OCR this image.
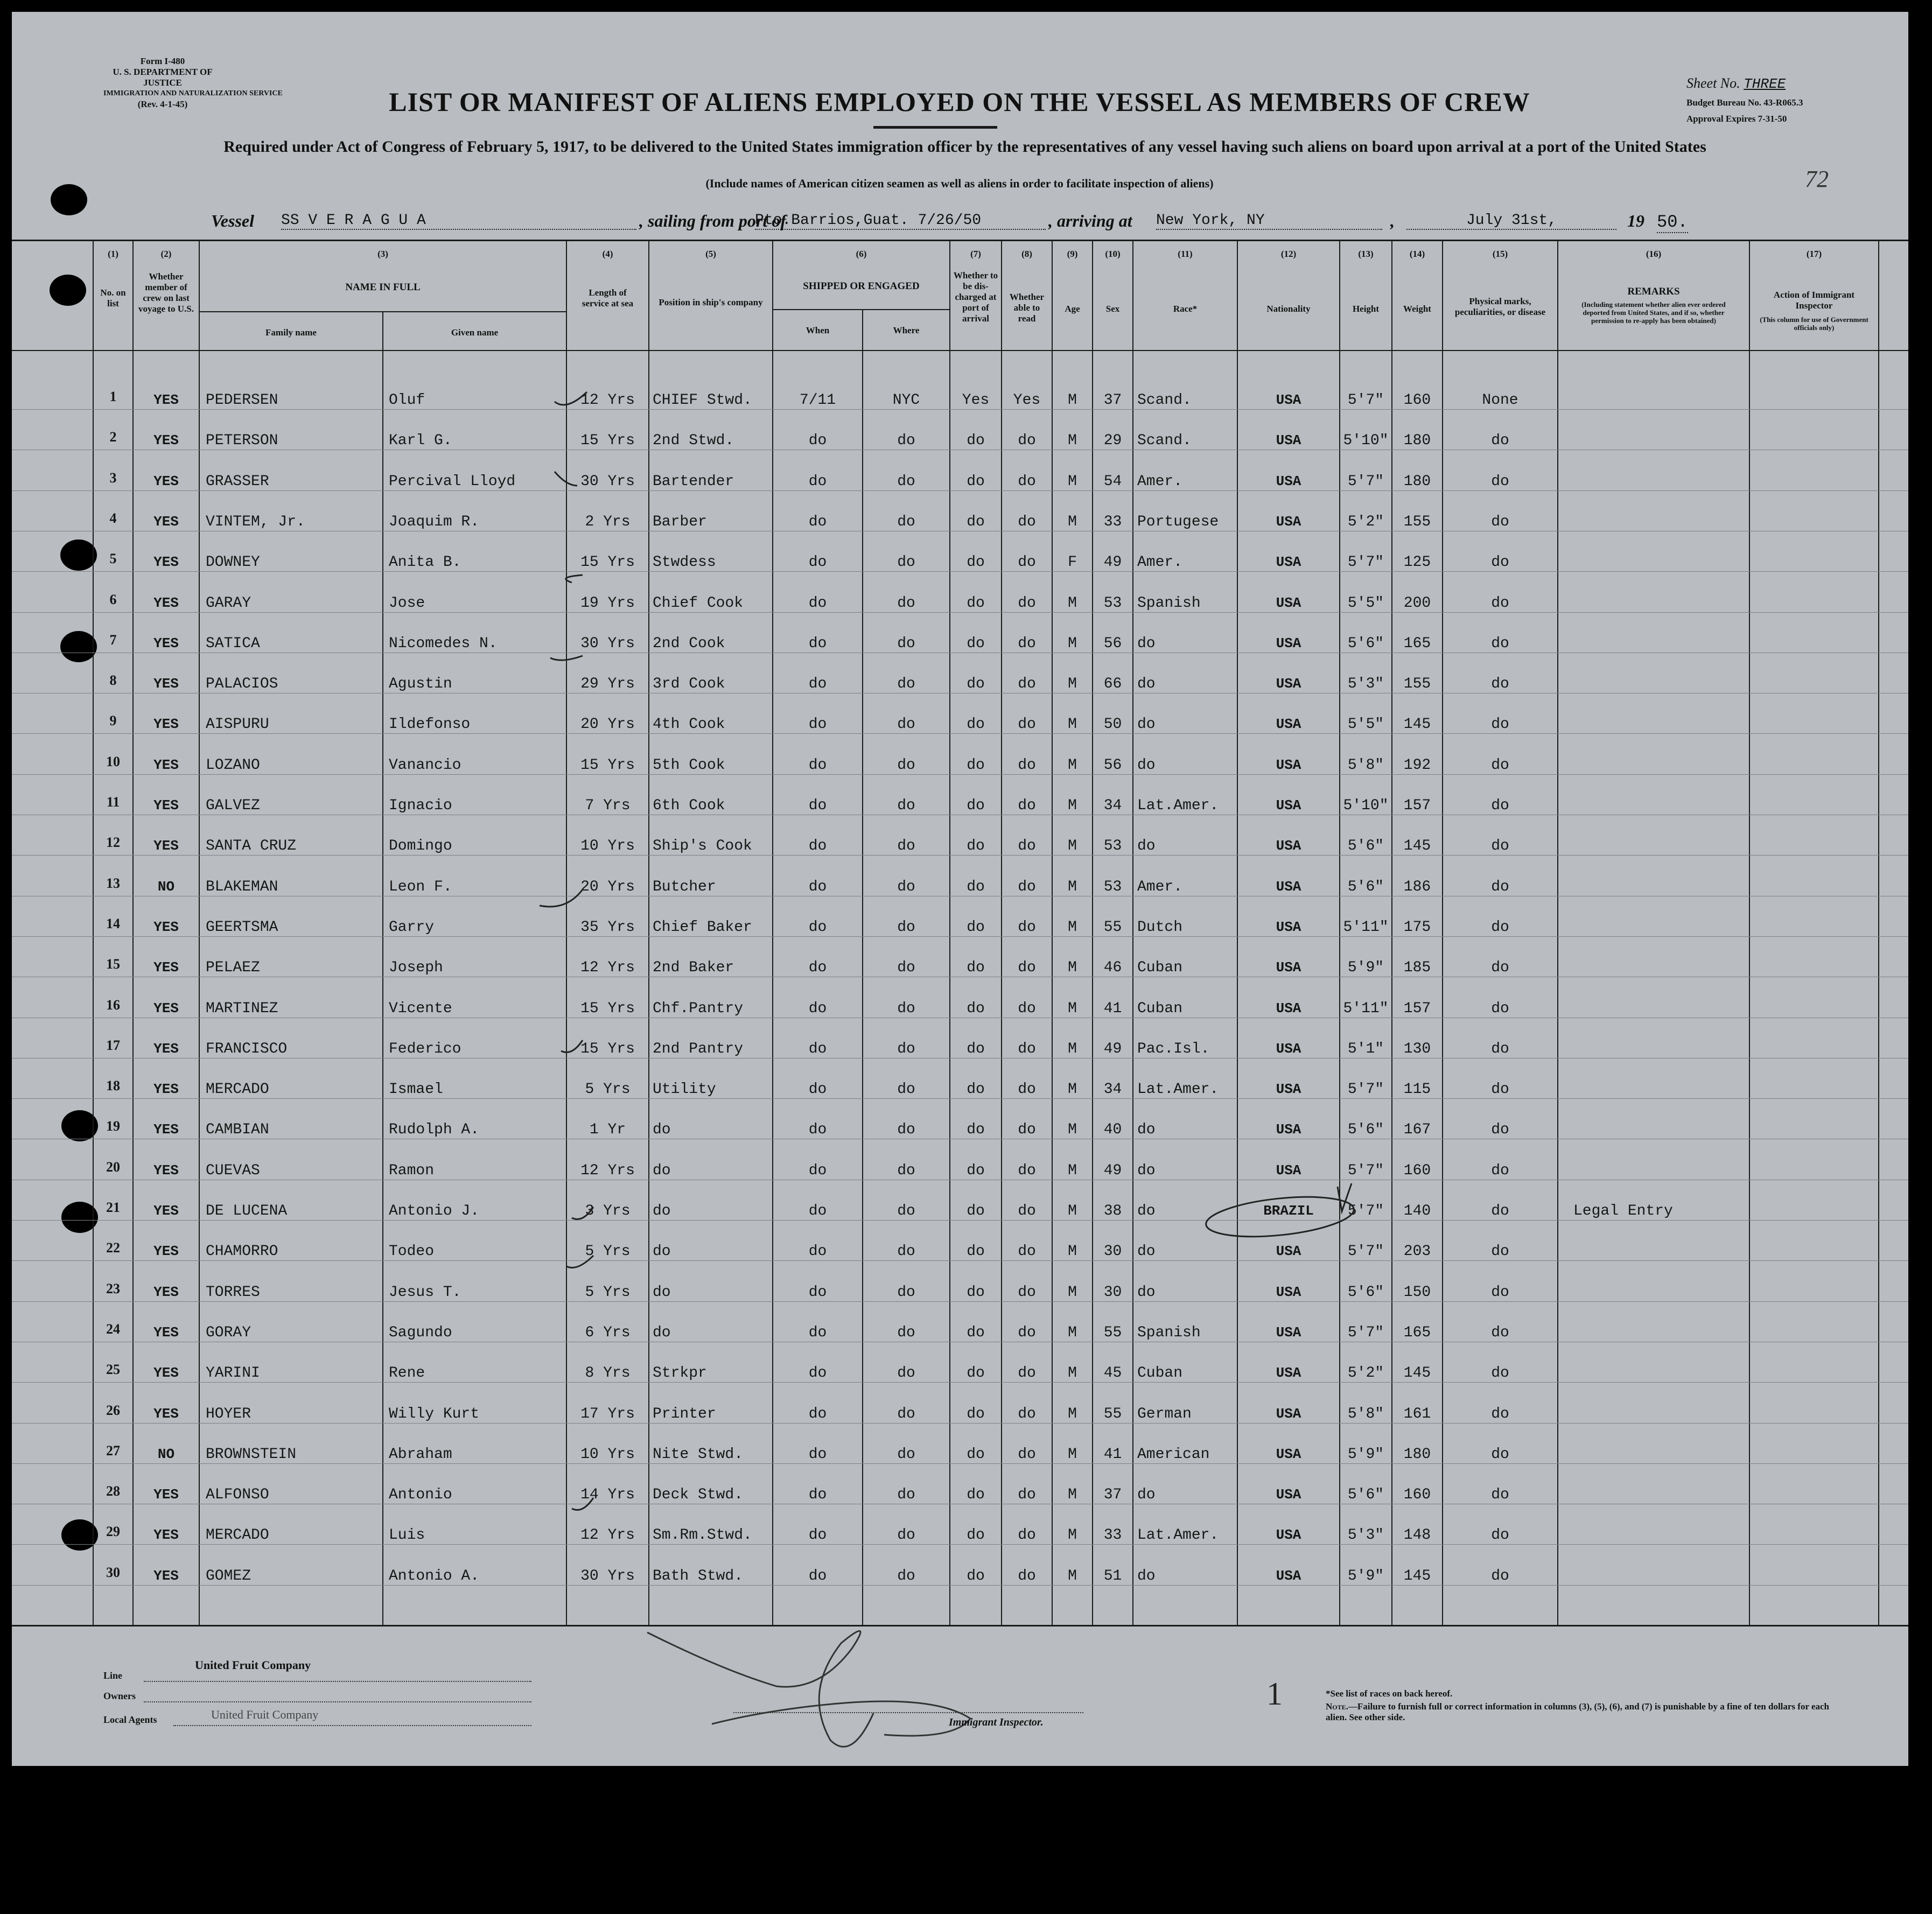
Form I-480
U. S. DEPARTMENT OF JUSTICE
IMMIGRATION AND NATURALIZATION SERVICE
(Rev. 4-1-45)	LIST OR MANIFEST OF ALIENS EMPLOYED ON THE VESSEL AS MEMBERS OF CREW
Sheet No. THREE
Budget Bureau No. 43-R065.3
Approval Expires 7-31-50
Required under Act of Congress of February 5, 1917, to be delivered to the United States immigration officer by the representatives of any vessel having such aliens on board upon arrival at a port of the United States
(Include names of American citizen seamen as well as aliens in order to facilitate inspection of aliens)	72
Vessel SS V E R A G U A	, sailing from port of
Pto.Barrios,Guat. 7/26/50	, arriving at New York, NY	,	July 31st,	19 50.
(1)	(2)	(3)	(4)	(5)	(6)	(7)	(8)	(9)	(10)	(11)	(12)	(13)	(14)	(15)	(16)	(17)
No. on list
Whether member of crew on last voyage to U.S.
NAME IN FULL
Family name	Given name
Length of service at sea	Position in ship's company
SHIPPED OR ENGAGED
When	Where
Whether to be dis-charged at port of arrival
Whether able to read
Age	Sex	Race*	Nationality	Height	Weight
Physical marks, peculiarities, or disease
REMARKS
(Including statement whether alien ever ordered deported from United States, and if so, whether permission to re-apply has been obtained)
Action of Immigrant Inspector
(This column for use of Government officials only)
1	YES	PEDERSEN	Oluf	12 Yrs	CHIEF Stwd.	7/11	NYC	Yes	Yes	M	37	Scand.	USA	5'7"	160	None
2	YES	PETERSON	Karl G.	15 Yrs	2nd Stwd.	do	do	do	do	M	29	Scand.	USA	5'10"	180	do
3	YES	GRASSER	Percival Lloyd	30 Yrs	Bartender	do	do	do	do	M	54	Amer.	USA	5'7"	180	do
4	YES	VINTEM, Jr.	Joaquim R.	2 Yrs	Barber	do	do	do	do	M	33	Portugese	USA	5'2"	155	do
5	YES	DOWNEY	Anita B.	15 Yrs	Stwdess	do	do	do	do	F	49	Amer.	USA	5'7"	125	do
6	YES	GARAY	Jose	19 Yrs	Chief Cook	do	do	do	do	M	53	Spanish	USA	5'5"	200	do
7	YES	SATICA	Nicomedes N.	30 Yrs	2nd Cook	do	do	do	do	M	56	do	USA	5'6"	165	do
8	YES	PALACIOS	Agustin	29 Yrs	3rd Cook	do	do	do	do	M	66	do	USA	5'3"	155	do
9	YES	AISPURU	Ildefonso	20 Yrs	4th Cook	do	do	do	do	M	50	do	USA	5'5"	145	do
10	YES	LOZANO	Vanancio	15 Yrs	5th Cook	do	do	do	do	M	56	do	USA	5'8"	192	do
11	YES	GALVEZ	Ignacio	7 Yrs	6th Cook	do	do	do	do	M	34	Lat.Amer.	USA	5'10"	157	do
12	YES	SANTA CRUZ	Domingo	10 Yrs	Ship's Cook	do	do	do	do	M	53	do	USA	5'6"	145	do
13	NO	BLAKEMAN	Leon F.	20 Yrs	Butcher	do	do	do	do	M	53	Amer.	USA	5'6"	186	do
14	YES	GEERTSMA	Garry	35 Yrs	Chief Baker	do	do	do	do	M	55	Dutch	USA	5'11"	175	do
15	YES	PELAEZ	Joseph	12 Yrs	2nd Baker	do	do	do	do	M	46	Cuban	USA	5'9"	185	do
16	YES	MARTINEZ	Vicente	15 Yrs	Chf.Pantry	do	do	do	do	M	41	Cuban	USA	5'11"	157	do
17	YES	FRANCISCO	Federico	15 Yrs	2nd Pantry	do	do	do	do	M	49	Pac.Isl.	USA	5'1"	130	do
18	YES	MERCADO	Ismael	5 Yrs	Utility	do	do	do	do	M	34	Lat.Amer.	USA	5'7"	115	do
19	YES	CAMBIAN	Rudolph A.	1 Yr	do	do	do	do	do	M	40	do	USA	5'6"	167	do
20	YES	CUEVAS	Ramon	12 Yrs	do	do	do	do	do	M	49	do	USA	5'7"	160	do
21	YES	DE LUCENA	Antonio J.	3 Yrs	do	do	do	do	do	M	38	do	BRAZIL	5'7"	140	do	Legal Entry
22	YES	CHAMORRO	Todeo	5 Yrs	do	do	do	do	do	M	30	do	USA	5'7"	203	do
23	YES	TORRES	Jesus T.	5 Yrs	do	do	do	do	do	M	30	do	USA	5'6"	150	do
24	YES	GORAY	Sagundo	6 Yrs	do	do	do	do	do	M	55	Spanish	USA	5'7"	165	do
25	YES	YARINI	Rene	8 Yrs	Strkpr	do	do	do	do	M	45	Cuban	USA	5'2"	145	do
26	YES	HOYER	Willy Kurt	17 Yrs	Printer	do	do	do	do	M	55	German	USA	5'8"	161	do
27	NO	BROWNSTEIN	Abraham	10 Yrs	Nite Stwd.	do	do	do	do	M	41	American	USA	5'9"	180	do
28	YES	ALFONSO	Antonio	14 Yrs	Deck Stwd.	do	do	do	do	M	37	do	USA	5'6"	160	do
29	YES	MERCADO	Luis	12 Yrs	Sm.Rm.Stwd.	do	do	do	do	M	33	Lat.Amer.	USA	5'3"	148	do
30	YES	GOMEZ	Antonio A.	30 Yrs	Bath Stwd.	do	do	do	do	M	51	do	USA	5'9"	145	do
Line
United Fruit Company
Owners
Local Agents	United Fruit Company
Immigrant Inspector.
1	*See list of races on back hereof.
Note.—Failure to furnish full or correct information in columns (3), (5), (6), and (7) is punishable by a fine of ten dollars for each alien. See other side.
